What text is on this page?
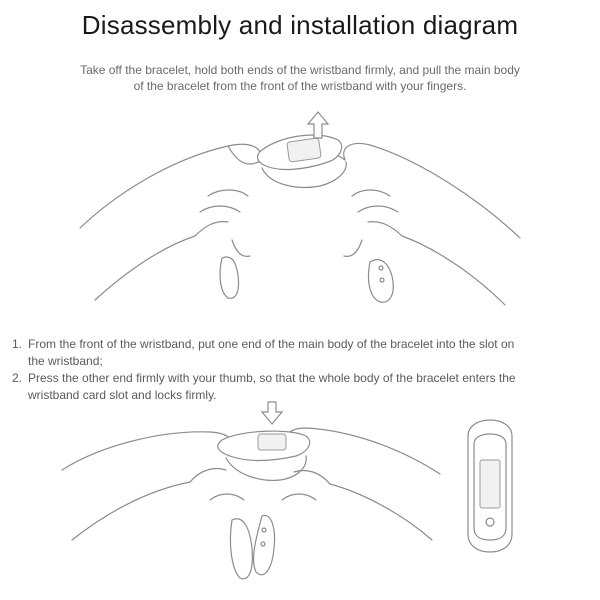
Disassembly and installation diagram
Take off the bracelet, hold both ends of the wristband firmly, and pull the main body
of the bracelet from the front of the wristband with your fingers.
1. From the front of the wristband, put one end of the main body of the bracelet into the slot on
the wristband;
2. Press the other end firmly with your thumb, so that the whole body of the bracelet enters the
wristband card slot and locks firmly.
